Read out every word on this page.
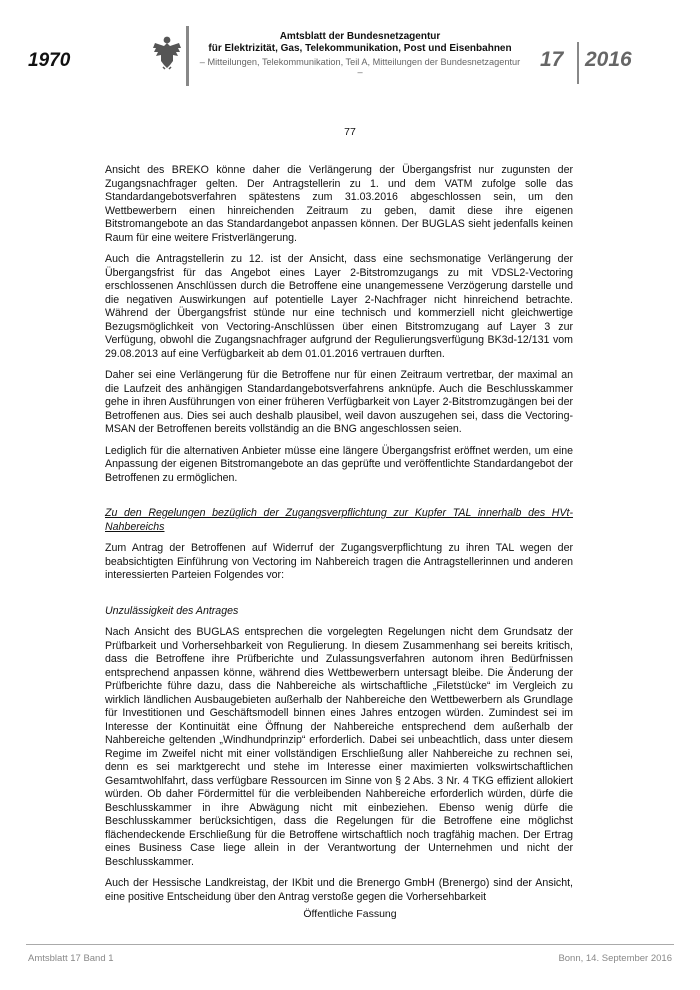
1970
Amtsblatt der Bundesnetzagentur
für Elektrizität, Gas, Telekommunikation, Post und Eisenbahnen
– Mitteilungen, Telekommunikation, Teil A, Mitteilungen der Bundesnetzagentur –
17 2016
77

Ansicht des BREKO könne daher die Verlängerung der Übergangsfrist nur zugunsten der Zugangsnachfrager gelten. Der Antragstellerin zu 1. und dem VATM zufolge solle das Standardangebotsverfahren spätestens zum 31.03.2016 abgeschlossen sein, um den Wettbewerbern einen hinreichenden Zeitraum zu geben, damit diese ihre eigenen Bitstromangebote an das Standardangebot anpassen können. Der BUGLAS sieht jedenfalls keinen Raum für eine weitere Fristverlängerung.

Auch die Antragstellerin zu 12. ist der Ansicht, dass eine sechsmonatige Verlängerung der Übergangsfrist für das Angebot eines Layer 2-Bitstromzugangs zu mit VDSL2-Vectoring erschlossenen Anschlüssen durch die Betroffene eine unangemessene Verzögerung darstelle und die negativen Auswirkungen auf potentielle Layer 2-Nachfrager nicht hinreichend betrachte. Während der Übergangsfrist stünde nur eine technisch und kommerziell nicht gleichwertige Bezugsmöglichkeit von Vectoring-Anschlüssen über einen Bitstromzugang auf Layer 3 zur Verfügung, obwohl die Zugangsnachfrager aufgrund der Regulierungsverfügung BK3d-12/131 vom 29.08.2013 auf eine Verfügbarkeit ab dem 01.01.2016 vertrauen durften.

Daher sei eine Verlängerung für die Betroffene nur für einen Zeitraum vertretbar, der maximal an die Laufzeit des anhängigen Standardangebotsverfahrens anknüpfe. Auch die Beschlusskammer gehe in ihren Ausführungen von einer früheren Verfügbarkeit von Layer 2-Bitstromzugängen bei der Betroffenen aus. Dies sei auch deshalb plausibel, weil davon auszugehen sei, dass die Vectoring-MSAN der Betroffenen bereits vollständig an die BNG angeschlossen seien.

Lediglich für die alternativen Anbieter müsse eine längere Übergangsfrist eröffnet werden, um eine Anpassung der eigenen Bitstromangebote an das geprüfte und veröffentlichte Standardangebot der Betroffenen zu ermöglichen.

Zu den Regelungen bezüglich der Zugangsverpflichtung zur Kupfer TAL innerhalb des HVt-Nahbereichs

Zum Antrag der Betroffenen auf Widerruf der Zugangsverpflichtung zu ihren TAL wegen der beabsichtigten Einführung von Vectoring im Nahbereich tragen die Antragstellerinnen und anderen interessierten Parteien Folgendes vor:

Unzulässigkeit des Antrages

Nach Ansicht des BUGLAS entsprechen die vorgelegten Regelungen nicht dem Grundsatz der Prüfbarkeit und Vorhersehbarkeit von Regulierung. In diesem Zusammenhang sei bereits kritisch, dass die Betroffene ihre Prüfberichte und Zulassungsverfahren autonom ihren Bedürfnissen entsprechend anpassen könne, während dies Wettbewerbern untersagt bleibe. Die Änderung der Prüfberichte führe dazu, dass die Nahbereiche als wirtschaftliche „Filetstücke“ im Vergleich zu wirklich ländlichen Ausbaugebieten außerhalb der Nahbereiche den Wettbewerbern als Grundlage für Investitionen und Geschäftsmodell binnen eines Jahres entzogen würden. Zumindest sei im Interesse der Kontinuität eine Öffnung der Nahbereiche entsprechend dem außerhalb der Nahbereiche geltenden „Windhundprinzip“ erforderlich. Dabei sei unbeachtlich, dass unter diesem Regime im Zweifel nicht mit einer vollständigen Erschließung aller Nahbereiche zu rechnen sei, denn es sei marktgerecht und stehe im Interesse einer maximierten volkswirtschaftlichen Gesamtwohlfahrt, dass verfügbare Ressourcen im Sinne von § 2 Abs. 3 Nr. 4 TKG effizient allokiert würden. Ob daher Fördermittel für die verbleibenden Nahbereiche erforderlich würden, dürfe die Beschlusskammer in ihre Abwägung nicht mit einbeziehen. Ebenso wenig dürfe die Beschlusskammer berücksichtigen, dass die Regelungen für die Betroffene eine möglichst flächendeckende Erschließung für die Betroffene wirtschaftlich noch tragfähig machen. Der Ertrag eines Business Case liege allein in der Verantwortung der Unternehmen und nicht der Beschlusskammer.

Auch der Hessische Landkreistag, der IKbit und die Brenergo GmbH (Brenergo) sind der Ansicht, eine positive Entscheidung über den Antrag verstoße gegen die Vorhersehbarkeit

Öffentliche Fassung
Amtsblatt 17 Band 1	Bonn, 14. September 2016
